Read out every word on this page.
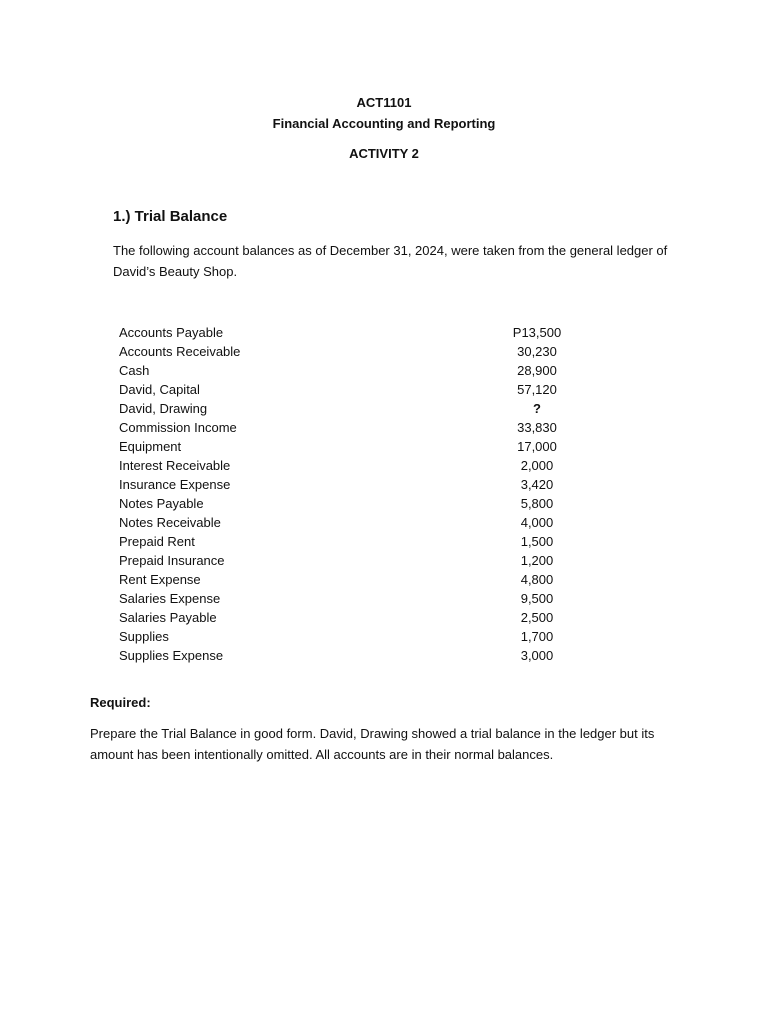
ACT1101
Financial Accounting and Reporting
ACTIVITY 2
1.) Trial Balance
The following account balances as of December 31, 2024, were taken from the general ledger of David’s Beauty Shop.
Accounts Payable	P13,500
Accounts Receivable	30,230
Cash	28,900
David, Capital	57,120
David, Drawing	?
Commission Income	33,830
Equipment	17,000
Interest Receivable	2,000
Insurance Expense	3,420
Notes Payable	5,800
Notes Receivable	4,000
Prepaid Rent	1,500
Prepaid Insurance	1,200
Rent Expense	4,800
Salaries Expense	9,500
Salaries Payable	2,500
Supplies	1,700
Supplies Expense	3,000
Required:
Prepare the Trial Balance in good form. David, Drawing showed a trial balance in the ledger but its amount has been intentionally omitted. All accounts are in their normal balances.
